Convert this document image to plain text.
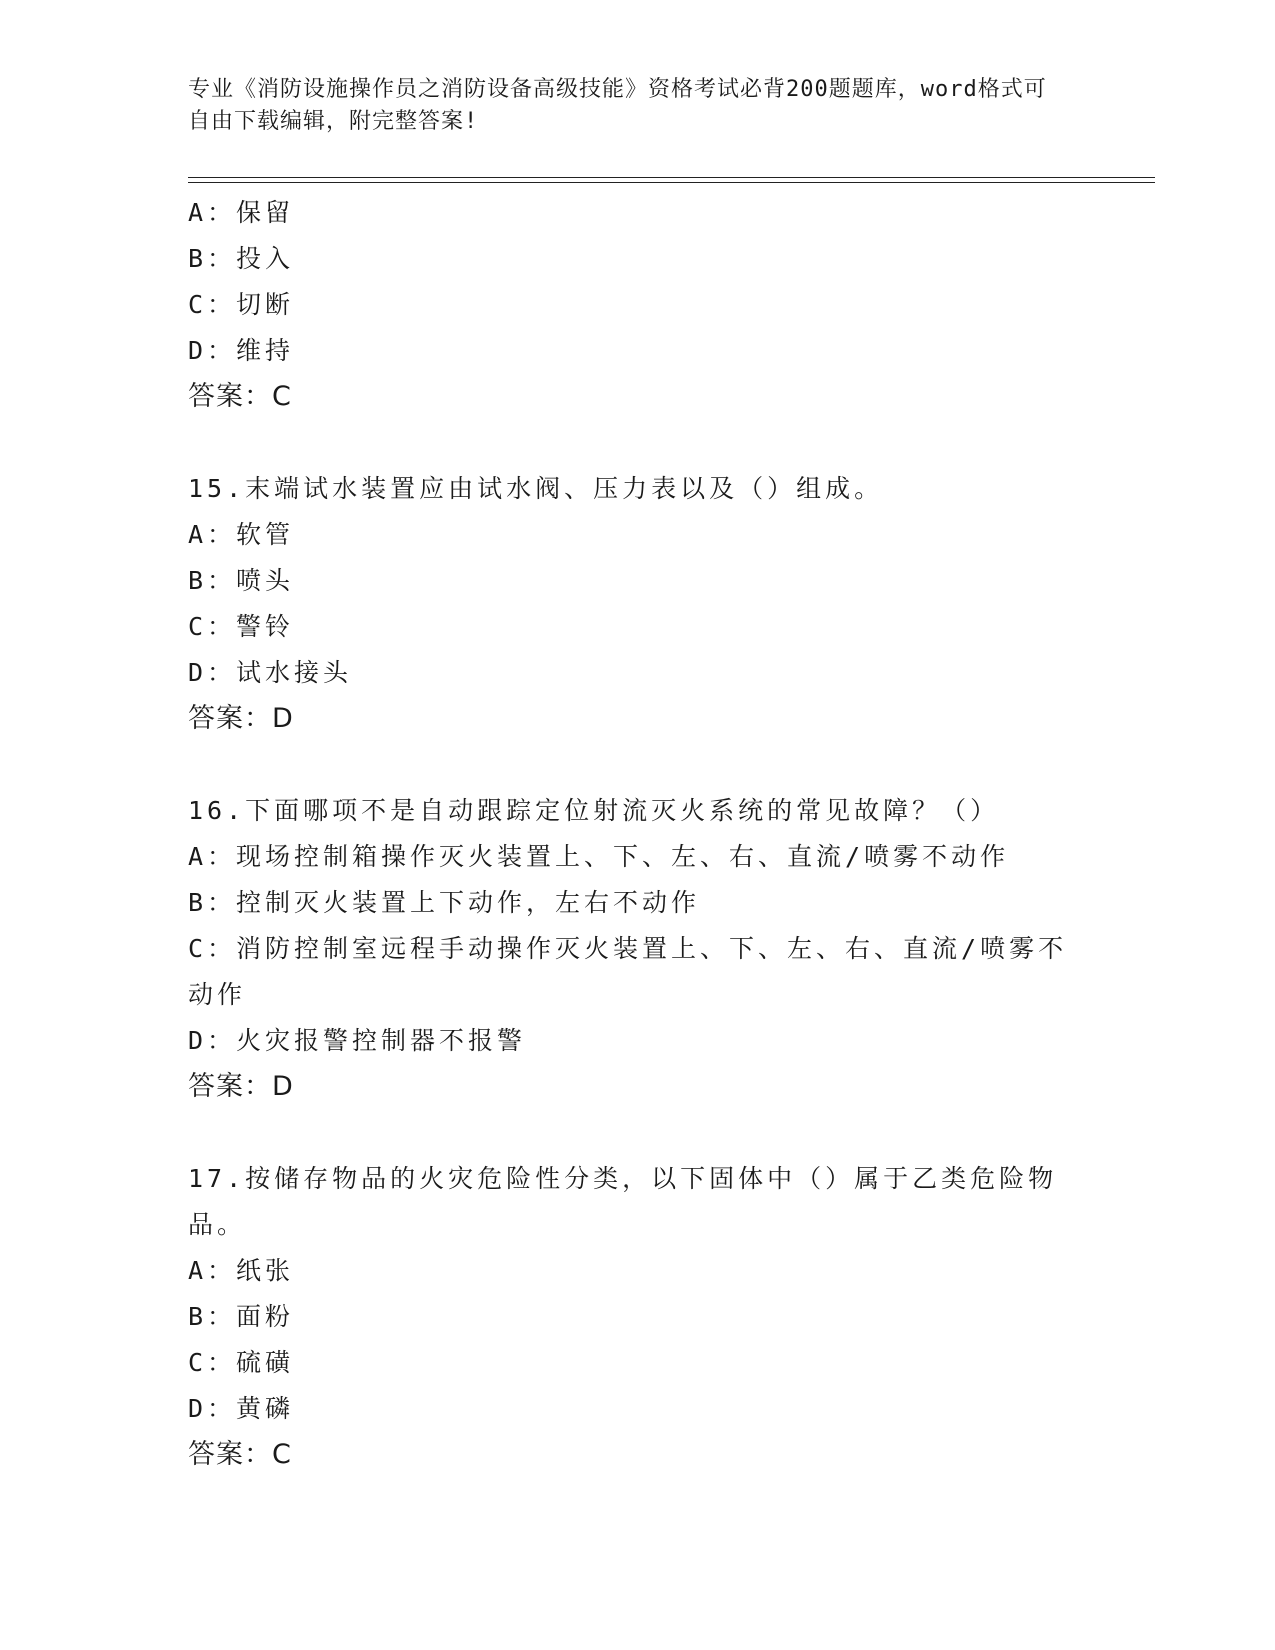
专业《消防设施操作员之消防设备高级技能》资格考试必背200题题库，word格式可自由下载编辑，附完整答案!
A：保留
B：投入
C：切断
D：维持
答案：C
15.末端试水装置应由试水阀、压力表以及（）组成。
A：软管
B：喷头
C：警铃
D：试水接头
答案：D
16.下面哪项不是自动跟踪定位射流灭火系统的常见故障？（）
A：现场控制箱操作灭火装置上、下、左、右、直流/喷雾不动作
B：控制灭火装置上下动作，左右不动作
C：消防控制室远程手动操作灭火装置上、下、左、右、直流/喷雾不动作
D：火灾报警控制器不报警
答案：D
17.按储存物品的火灾危险性分类，以下固体中（）属于乙类危险物品。
A：纸张
B：面粉
C：硫磺
D：黄磷
答案：C
